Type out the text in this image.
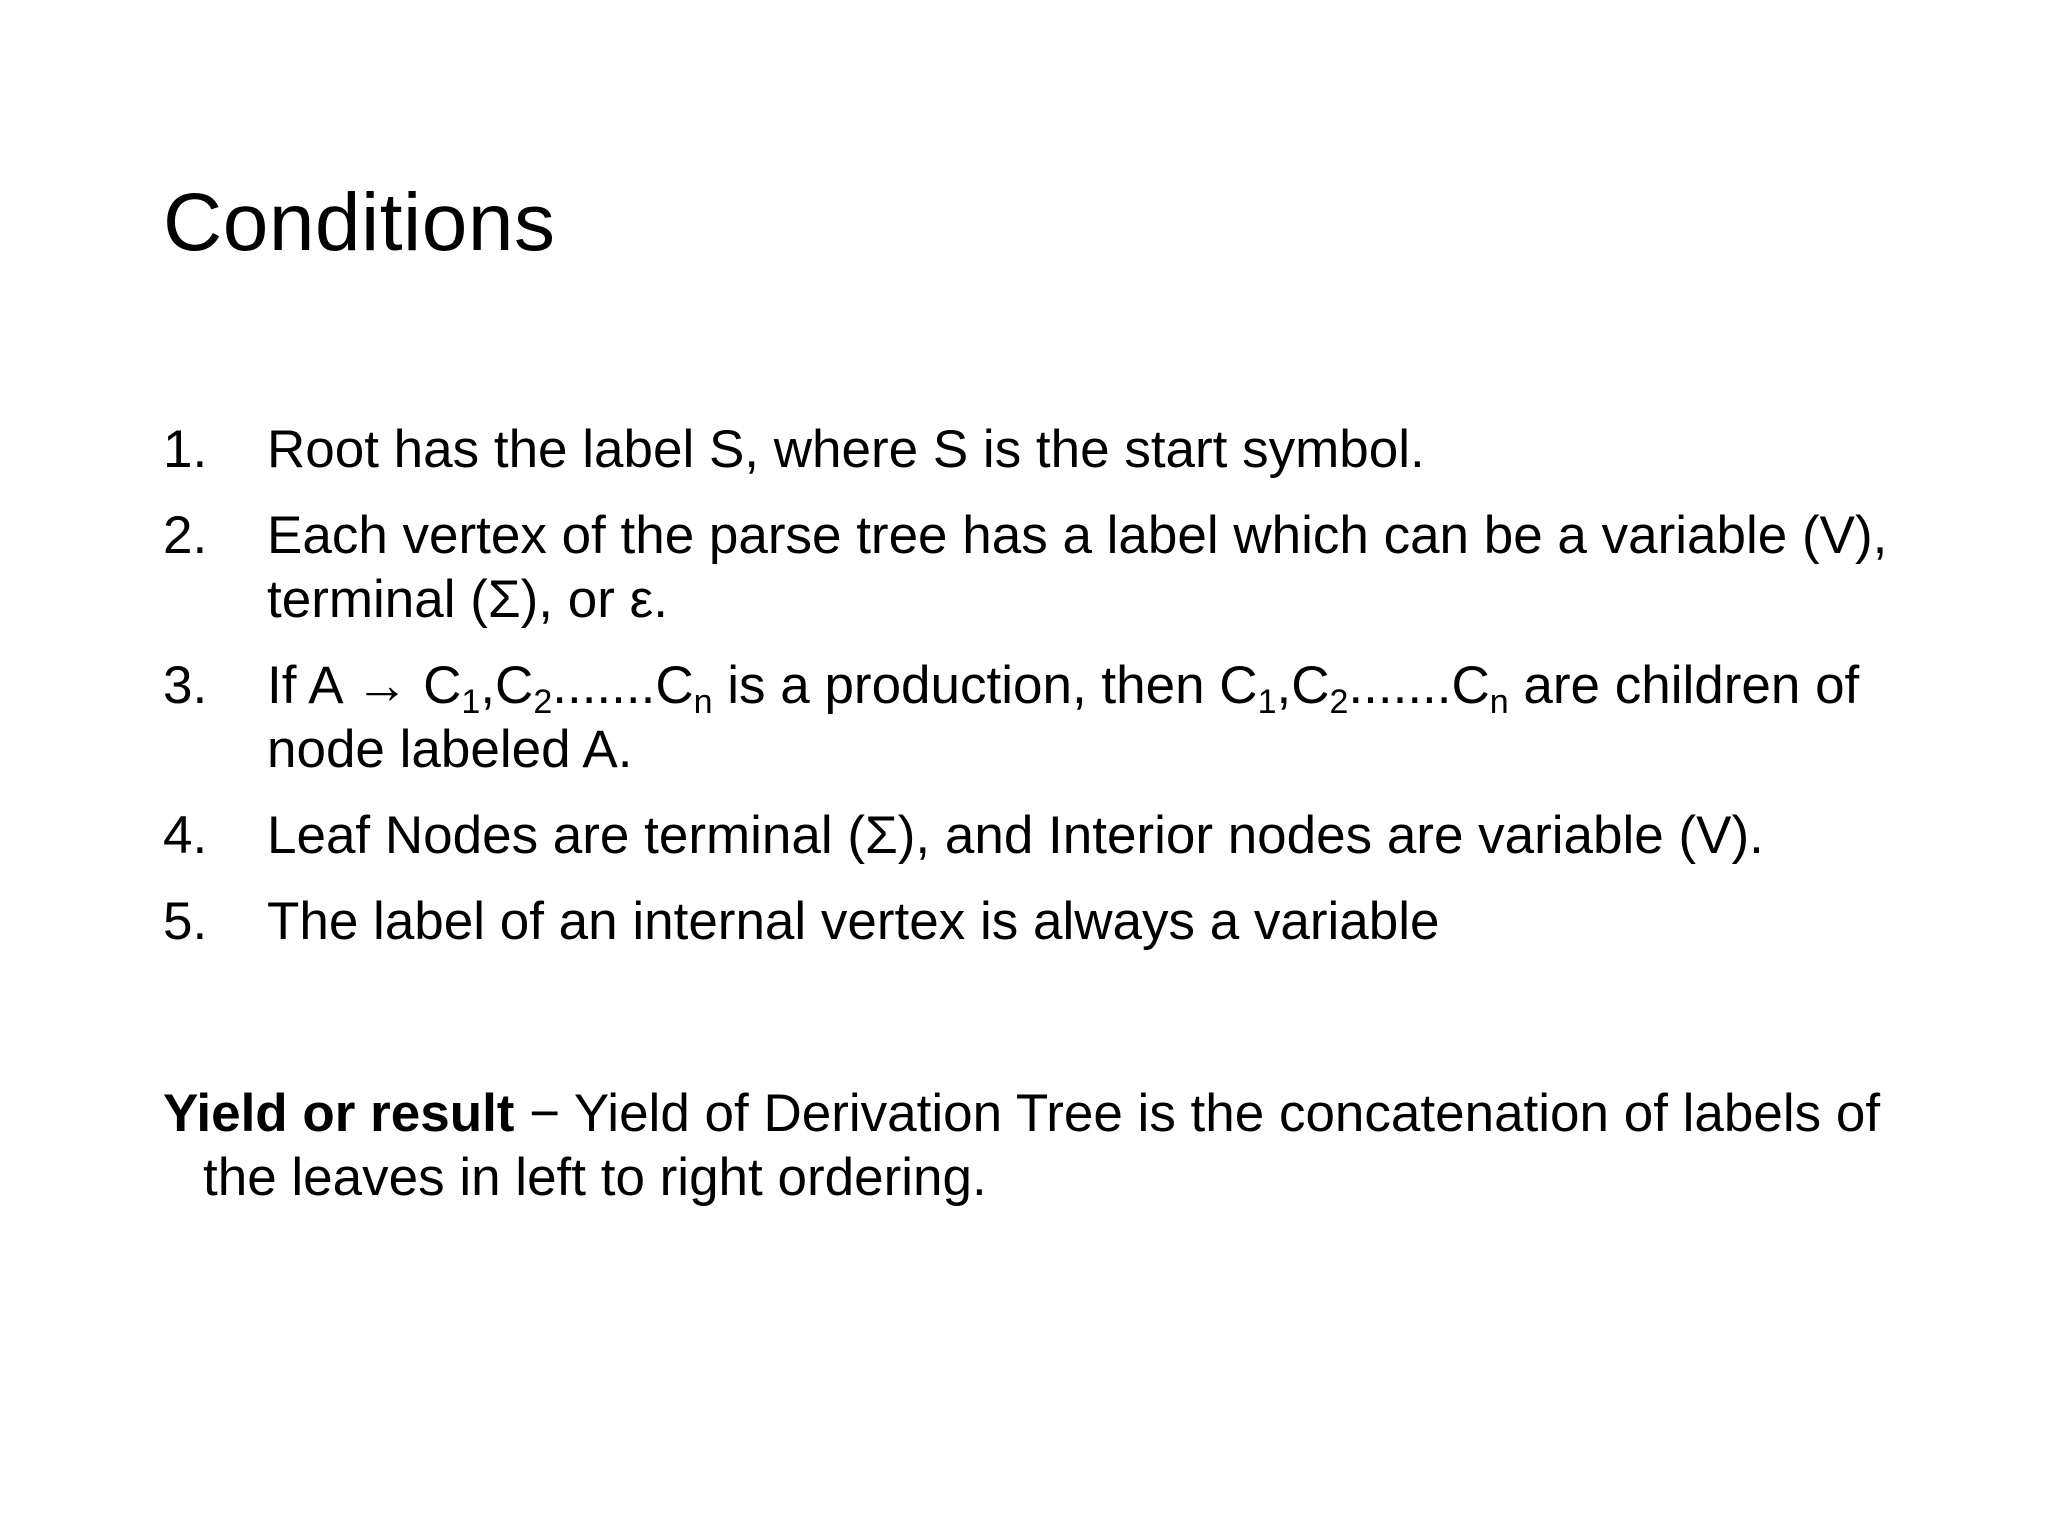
Conditions
1. Root has the label S, where S is the start symbol.
2. Each vertex of the parse tree has a label which can be a variable (V), terminal (Σ), or ε.
3. If $A \to C_1,C_2.......C_n$ is a production, then $C_1,C_2.......C_n$ are children of node labeled A.
4. Leaf Nodes are terminal (Σ), and Interior nodes are variable (V).
5. The label of an internal vertex is always a variable
Yield or result − Yield of Derivation Tree is the concatenation of labels of the leaves in left to right ordering.
